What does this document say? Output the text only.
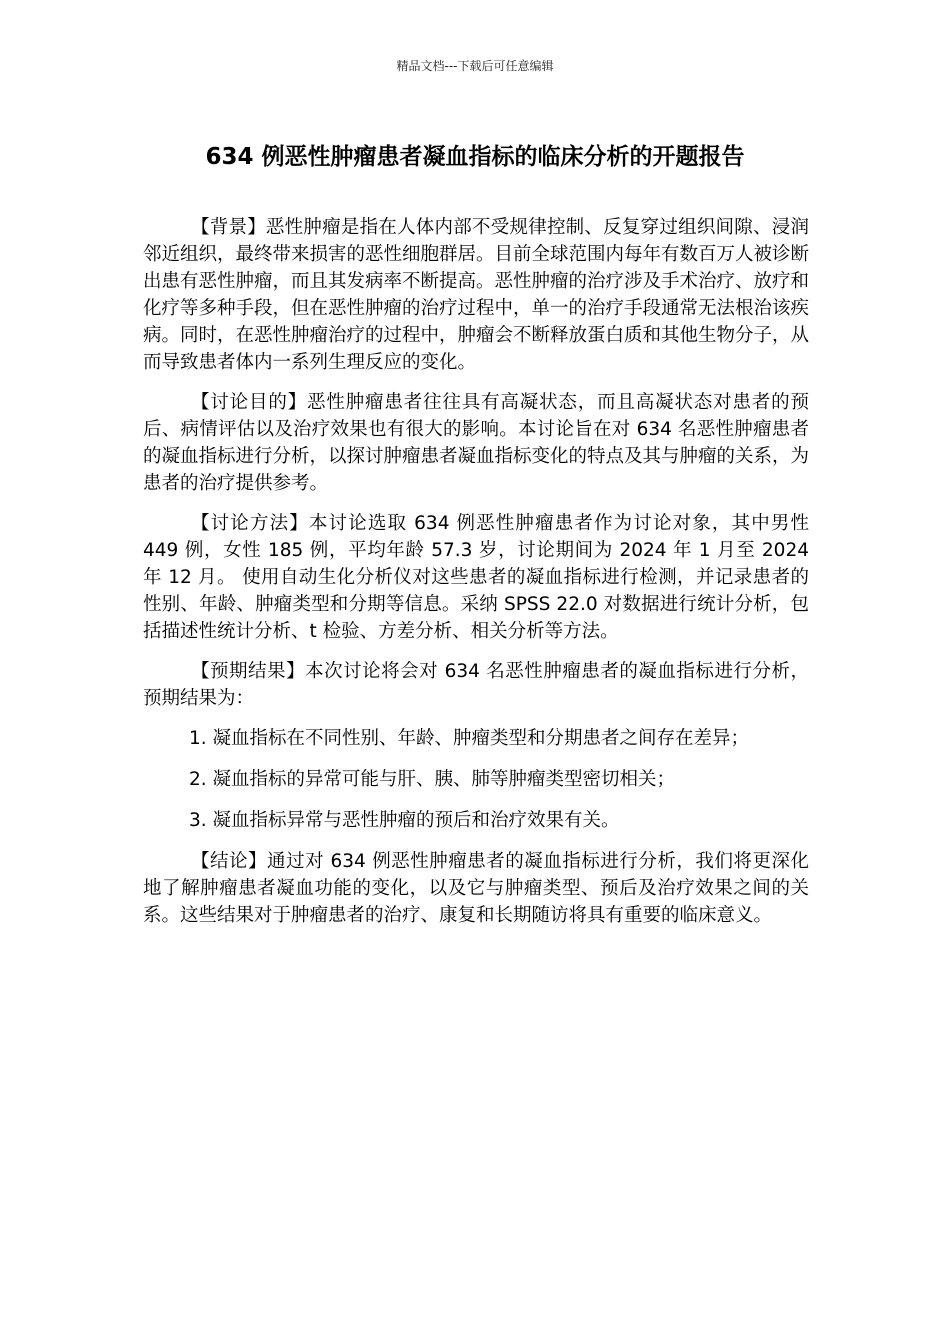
精品文档---下载后可任意编辑
634 例恶性肿瘤患者凝血指标的临床分析的开题报告

【背景】恶性肿瘤是指在人体内部不受规律控制、反复穿过组织间隙、浸润邻近组织，最终带来损害的恶性细胞群居。目前全球范围内每年有数百万人被诊断出患有恶性肿瘤，而且其发病率不断提高。恶性肿瘤的治疗涉及手术治疗、放疗和化疗等多种手段，但在恶性肿瘤的治疗过程中，单一的治疗手段通常无法根治该疾病。同时，在恶性肿瘤治疗的过程中，肿瘤会不断释放蛋白质和其他生物分子，从而导致患者体内一系列生理反应的变化。

【讨论目的】恶性肿瘤患者往往具有高凝状态，而且高凝状态对患者的预后、病情评估以及治疗效果也有很大的影响。本讨论旨在对 634 名恶性肿瘤患者的凝血指标进行分析，以探讨肿瘤患者凝血指标变化的特点及其与肿瘤的关系，为患者的治疗提供参考。

【讨论方法】本讨论选取 634 例恶性肿瘤患者作为讨论对象，其中男性 449 例，女性 185 例，平均年龄 57.3 岁，讨论期间为 2024 年 1 月至 2024 年 12 月。 使用自动生化分析仪对这些患者的凝血指标进行检测，并记录患者的性别、年龄、肿瘤类型和分期等信息。采纳 SPSS 22.0 对数据进行统计分析，包括描述性统计分析、t 检验、方差分析、相关分析等方法。

【预期结果】本次讨论将会对 634 名恶性肿瘤患者的凝血指标进行分析，预期结果为：

1. 凝血指标在不同性别、年龄、肿瘤类型和分期患者之间存在差异；
2. 凝血指标的异常可能与肝、胰、肺等肿瘤类型密切相关；
3. 凝血指标异常与恶性肿瘤的预后和治疗效果有关。

【结论】通过对 634 例恶性肿瘤患者的凝血指标进行分析，我们将更深化地了解肿瘤患者凝血功能的变化，以及它与肿瘤类型、预后及治疗效果之间的关系。这些结果对于肿瘤患者的治疗、康复和长期随访将具有重要的临床意义。
